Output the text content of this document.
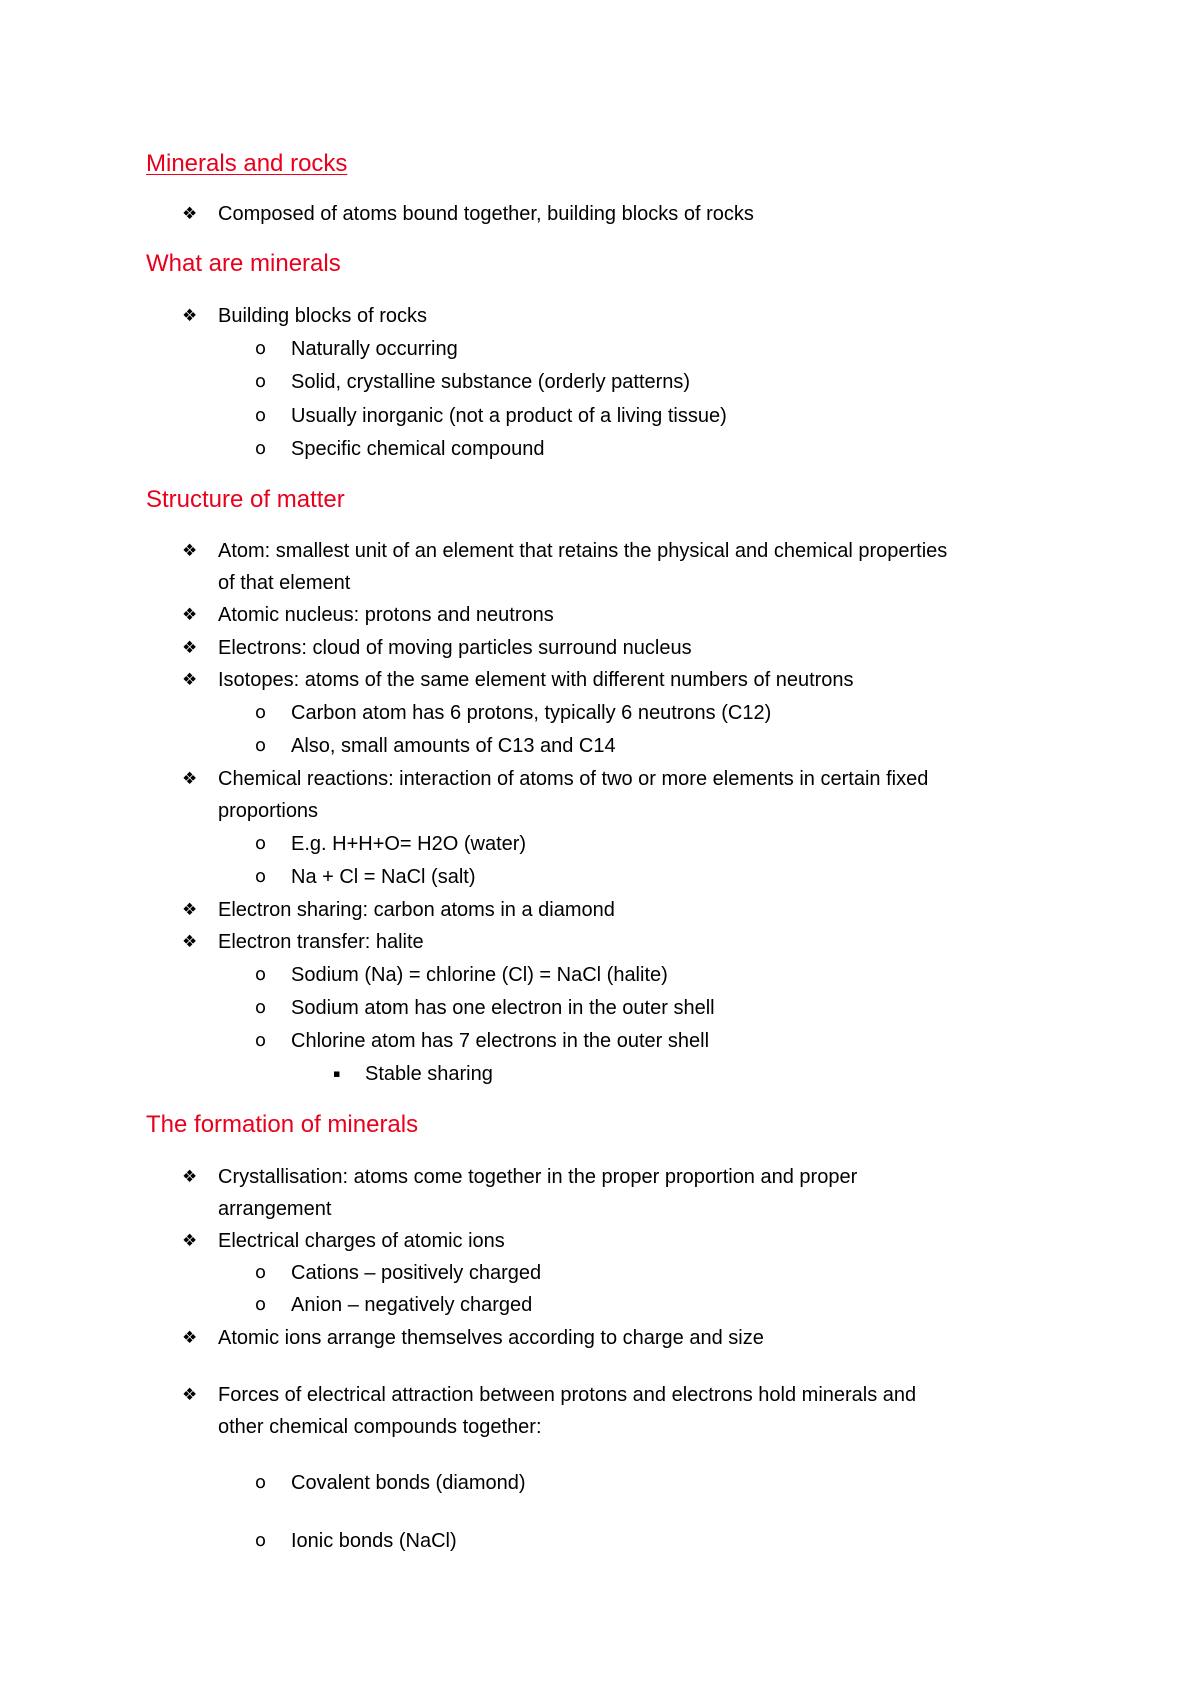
Minerals and rocks
❖ Composed of atoms bound together, building blocks of rocks
What are minerals
❖ Building blocks of rocks
o Naturally occurring
o Solid, crystalline substance (orderly patterns)
o Usually inorganic (not a product of a living tissue)
o Specific chemical compound
Structure of matter
❖ Atom: smallest unit of an element that retains the physical and chemical properties
of that element
❖ Atomic nucleus: protons and neutrons
❖ Electrons: cloud of moving particles surround nucleus
❖ Isotopes: atoms of the same element with different numbers of neutrons
o Carbon atom has 6 protons, typically 6 neutrons (C12)
o Also, small amounts of C13 and C14
❖ Chemical reactions: interaction of atoms of two or more elements in certain fixed
proportions
o E.g. H+H+O= H2O (water)
o Na + Cl = NaCl (salt)
❖ Electron sharing: carbon atoms in a diamond
❖ Electron transfer: halite
o Sodium (Na) = chlorine (Cl) = NaCl (halite)
o Sodium atom has one electron in the outer shell
o Chlorine atom has 7 electrons in the outer shell
▪ Stable sharing
The formation of minerals
❖ Crystallisation: atoms come together in the proper proportion and proper
arrangement
❖ Electrical charges of atomic ions
o Cations – positively charged
o Anion – negatively charged
❖ Atomic ions arrange themselves according to charge and size
❖ Forces of electrical attraction between protons and electrons hold minerals and
other chemical compounds together:
o Covalent bonds (diamond)
o Ionic bonds (NaCl)
